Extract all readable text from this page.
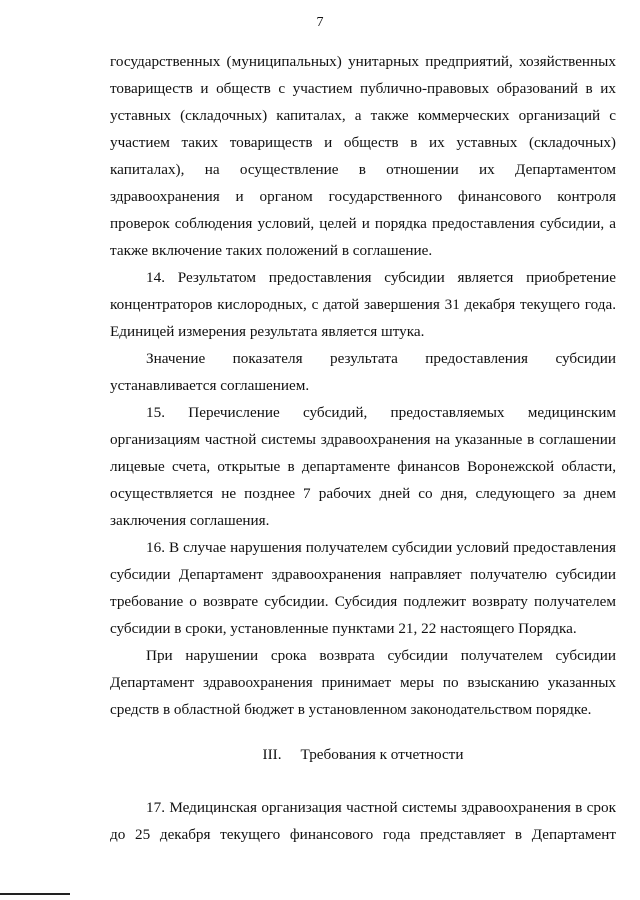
7

государственных (муниципальных) унитарных предприятий, хозяйственных товариществ и обществ с участием публично-правовых образований в их уставных (складочных) капиталах, а также коммерческих организаций с участием таких товариществ и обществ в их уставных (складочных) капиталах), на осуществление в отношении их Департаментом здравоохранения и органом государственного финансового контроля проверок соблюдения условий, целей и порядка предоставления субсидии, а также включение таких положений в соглашение.

14. Результатом предоставления субсидии является приобретение концентраторов кислородных, с датой завершения 31 декабря текущего года. Единицей измерения результата является штука.

Значение показателя результата предоставления субсидии устанавливается соглашением.

15. Перечисление субсидий, предоставляемых медицинским организациям частной системы здравоохранения на указанные в соглашении лицевые счета, открытые в департаменте финансов Воронежской области, осуществляется не позднее 7 рабочих дней со дня, следующего за днем заключения соглашения.

16. В случае нарушения получателем субсидии условий предоставления субсидии Департамент здравоохранения направляет получателю субсидии требование о возврате субсидии. Субсидия подлежит возврату получателем субсидии в сроки, установленные пунктами 21, 22 настоящего Порядка.

При нарушении срока возврата субсидии получателем субсидии Департамент здравоохранения принимает меры по взысканию указанных средств в областной бюджет в установленном законодательством порядке.

III. Требования к отчетности

17. Медицинская организация частной системы здравоохранения в срок до 25 декабря текущего финансового года представляет в Департамент
